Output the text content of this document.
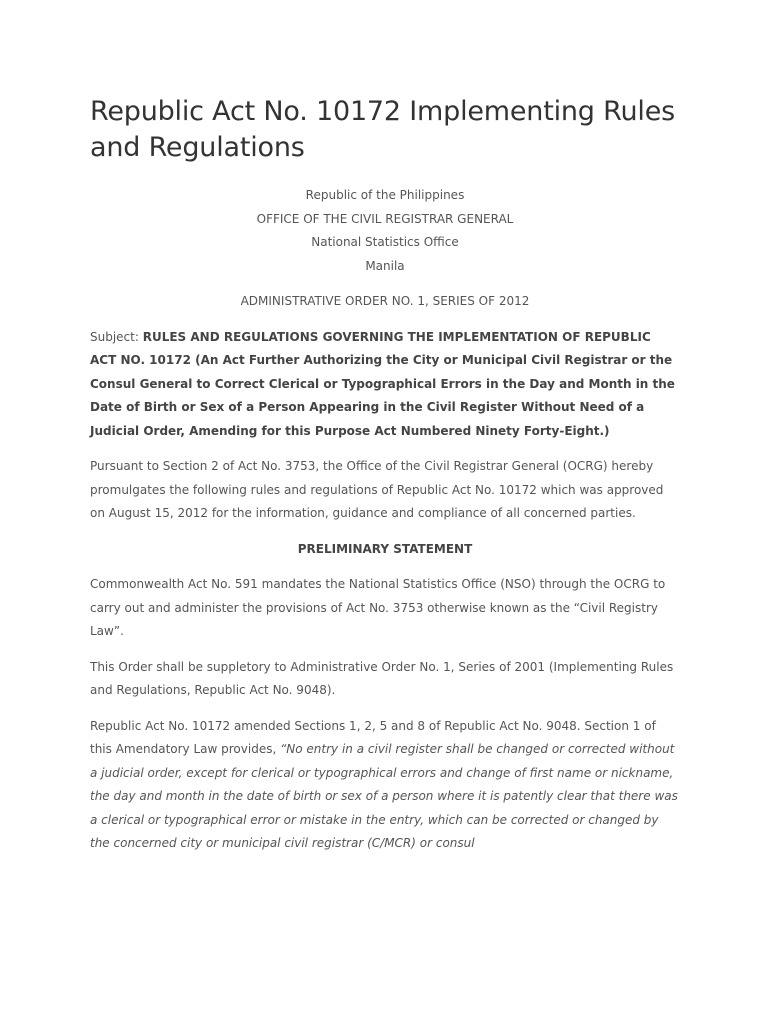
Republic Act No. 10172 Implementing Rules and Regulations
Republic of the Philippines
OFFICE OF THE CIVIL REGISTRAR GENERAL
National Statistics Office
Manila
ADMINISTRATIVE ORDER NO. 1, SERIES OF 2012

Subject: RULES AND REGULATIONS GOVERNING THE IMPLEMENTATION OF REPUBLIC ACT NO. 10172 (An Act Further Authorizing the City or Municipal Civil Registrar or the Consul General to Correct Clerical or Typographical Errors in the Day and Month in the Date of Birth or Sex of a Person Appearing in the Civil Register Without Need of a Judicial Order, Amending for this Purpose Act Numbered Ninety Forty-Eight.)

Pursuant to Section 2 of Act No. 3753, the Office of the Civil Registrar General (OCRG) hereby promulgates the following rules and regulations of Republic Act No. 10172 which was approved on August 15, 2012 for the information, guidance and compliance of all concerned parties.

PRELIMINARY STATEMENT

Commonwealth Act No. 591 mandates the National Statistics Office (NSO) through the OCRG to carry out and administer the provisions of Act No. 3753 otherwise known as the “Civil Registry Law”.

This Order shall be suppletory to Administrative Order No. 1, Series of 2001 (Implementing Rules and Regulations, Republic Act No. 9048).

Republic Act No. 10172 amended Sections 1, 2, 5 and 8 of Republic Act No. 9048. Section 1 of this Amendatory Law provides, “No entry in a civil register shall be changed or corrected without a judicial order, except for clerical or typographical errors and change of first name or nickname, the day and month in the date of birth or sex of a person where it is patently clear that there was a clerical or typographical error or mistake in the entry, which can be corrected or changed by the concerned city or municipal civil registrar (C/MCR) or consul
